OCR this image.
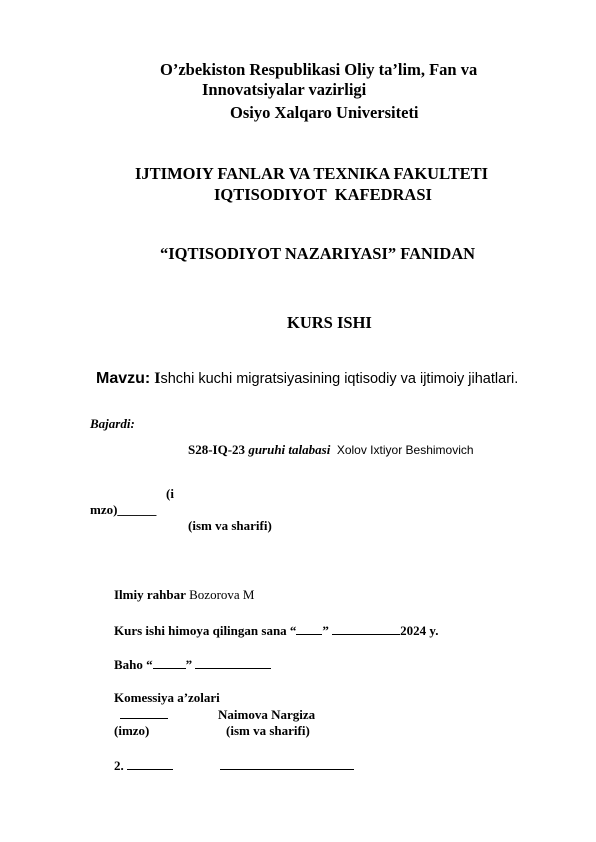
O’zbekiston Respublikasi Oliy ta’lim, Fan va
Innovatsiyalar vazirligi
Osiyo Xalqaro Universiteti
IJTIMOIY FANLAR VA TEXNIKA FAKULTETI
IQTISODIYOT  KAFEDRASI
“IQTISODIYOT NAZARIYASI” FANIDAN
KURS ISHI
Mavzu: Ishchi kuchi migratsiyasining iqtisodiy va ijtimoiy jihatlari.
Bajardi:
S28-IQ-23 guruhi talabasi Xolov Ixtiyor Beshimovich
(i
mzo)______
(ism va sharifi)
Ilmiy rahbar Bozorova M
Kurs ishi himoya qilingan sana “ ”	2024 y.
Baho “	”
Komessiya a’zolari
Naimova Nargiza
(imzo)	(ism va sharifi)
2.
